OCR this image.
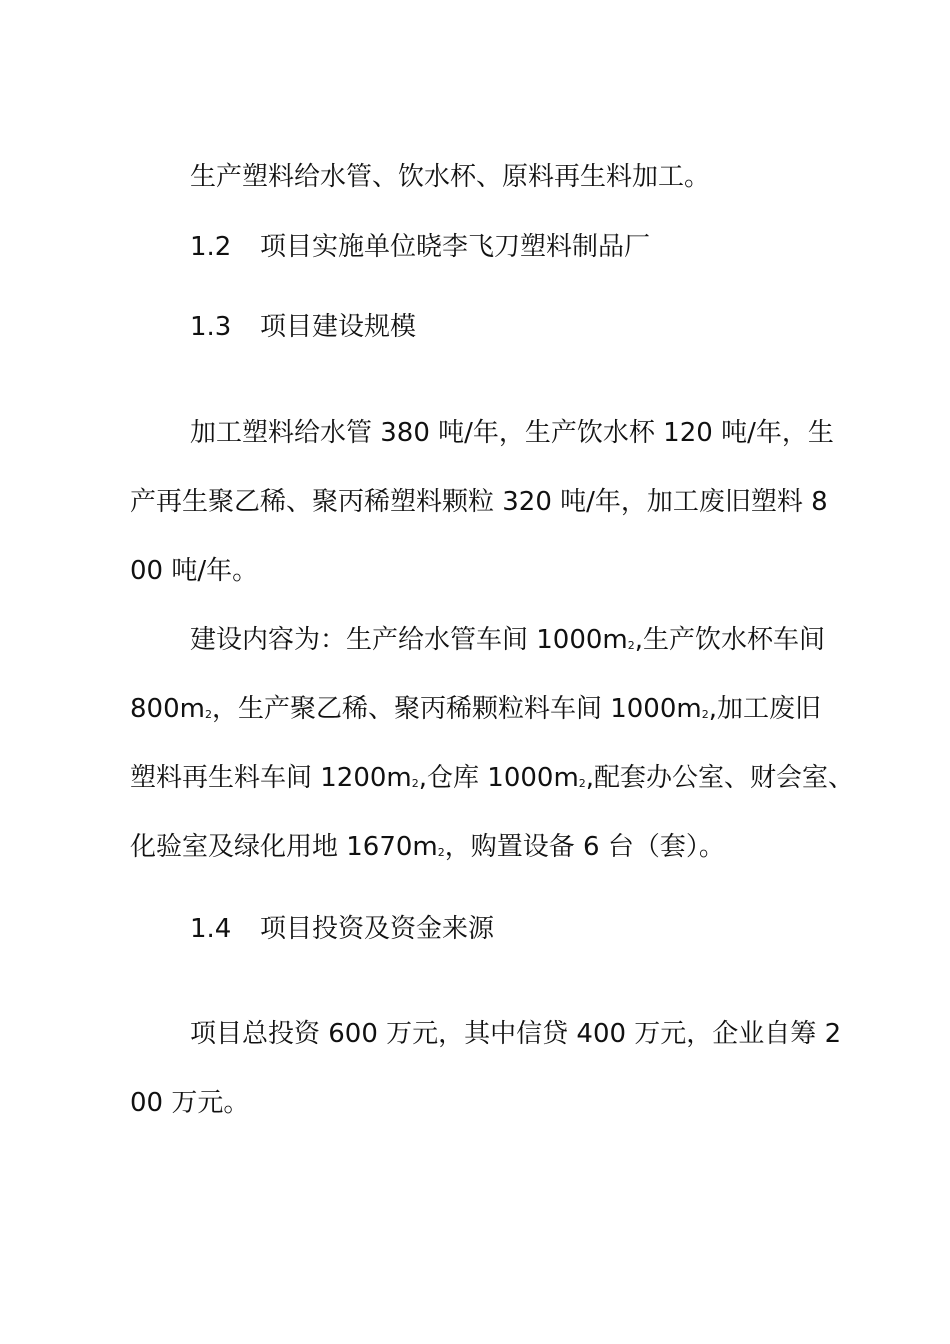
生产塑料给水管、饮水杯、原料再生料加工。
1.2 项目实施单位晓李飞刀塑料制品厂
1.3 项目建设规模
加工塑料给水管 380 吨/年，生产饮水杯 120 吨/年，生
产再生聚乙稀、聚丙稀塑料颗粒 320 吨/年，加工废旧塑料 8
00 吨/年。
建设内容为：生产给水管车间 $1000m_2$,生产饮水杯车间
$800m_2$，生产聚乙稀、聚丙稀颗粒料车间 $1000m_2$,加工废旧
塑料再生料车间 $1200m_2$,仓库 $1000m_2$,配套办公室、财会室、
化验室及绿化用地 $1670m_2$，购置设备 6 台（套）。
1.4 项目投资及资金来源
项目总投资 600 万元，其中信贷 400 万元，企业自筹 2
00 万元。
